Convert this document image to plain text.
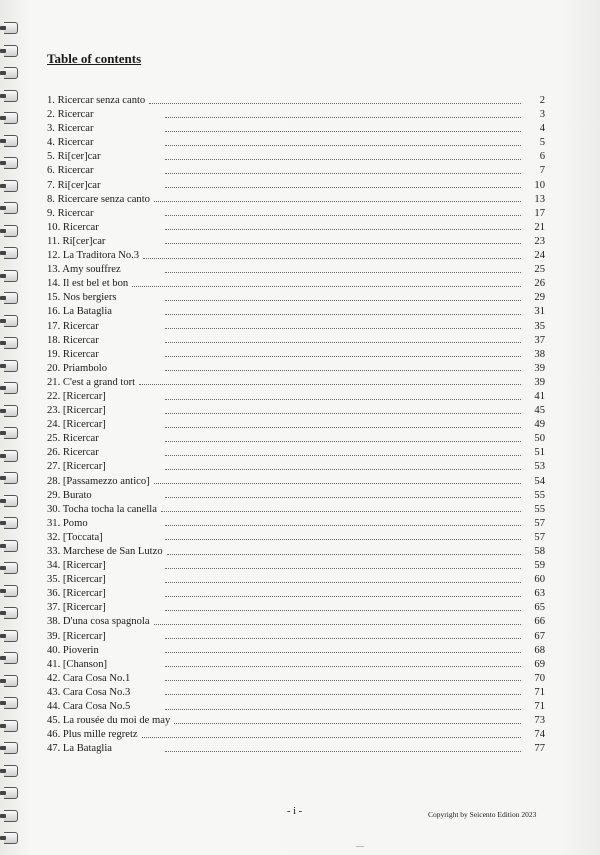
Table of contents
1. Ricercar senza canto	2
2. Ricercar	3
3. Ricercar	4
4. Ricercar	5
5. Ri[cer]car	6
6. Ricercar	7
7. Ri[cer]car	10
8. Ricercare senza canto	13
9. Ricercar	17
10. Ricercar	21
11. Ri[cer]car	23
12. La Traditora No.3	24
13. Amy souffrez	25
14. Il est bel et bon	26
15. Nos bergiers	29
16. La Bataglia	31
17. Ricercar	35
18. Ricercar	37
19. Ricercar	38
20. Priambolo	39
21. C'est a grand tort	39
22. [Ricercar]	41
23. [Ricercar]	45
24. [Ricercar]	49
25. Ricercar	50
26. Ricercar	51
27. [Ricercar]	53
28. [Passamezzo antico]	54
29. Burato	55
30. Tocha tocha la canella	55
31. Pomo	57
32. [Toccata]	57
33. Marchese de San Lutzo	58
34. [Ricercar]	59
35. [Ricercar]	60
36. [Ricercar]	63
37. [Ricercar]	65
38. D'una cosa spagnola	66
39. [Ricercar]	67
40. Pioverin	68
41. [Chanson]	69
42. Cara Cosa No.1	70
43. Cara Cosa No.3	71
44. Cara Cosa No.5	71
45. La rousée du moi de may	73
46. Plus mille regretz	74
47. La Bataglia	77
- i -	Copyright by Seicento Edition 2023
